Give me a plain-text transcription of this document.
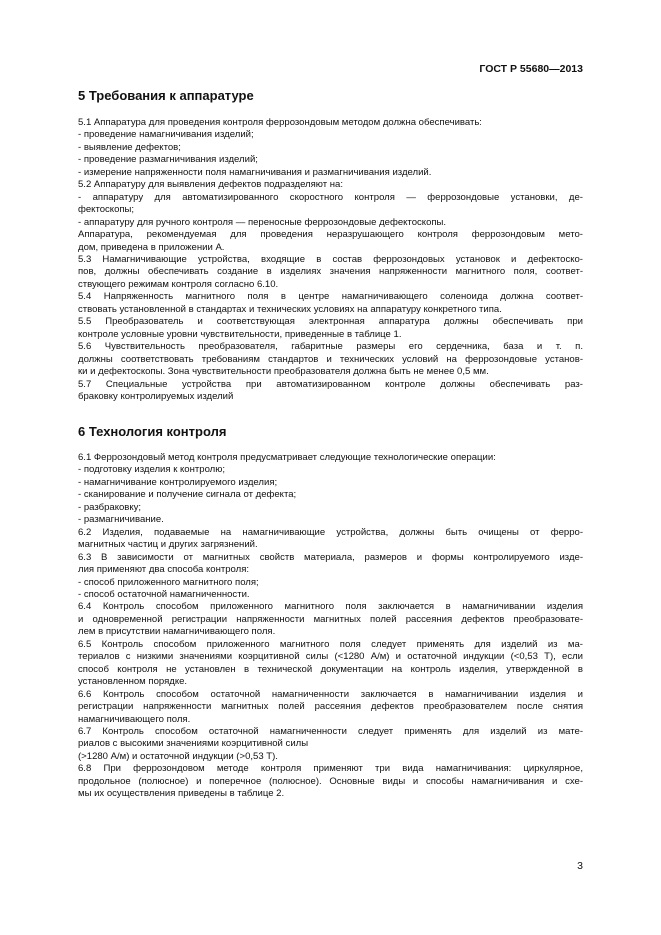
ГОСТ Р 55680—2013
5 Требования к аппаратуре
5.1 Аппаратура для проведения контроля феррозондовым методом должна обеспечивать:
- проведение намагничивания изделий;
- выявление дефектов;
- проведение размагничивания изделий;
- измерение напряженности поля намагничивания и размагничивания изделий.
5.2 Аппаратуру для выявления дефектов подразделяют на:
- аппаратуру для автоматизированного скоростного контроля — феррозондовые установки, де-
фектоскопы;
- аппаратуру для ручного контроля — переносные феррозондовые дефектоскопы.
Аппаратура, рекомендуемая для проведения неразрушающего контроля феррозондовым мето-
дом, приведена в приложении А.
5.3 Намагничивающие устройства, входящие в состав феррозондовых установок и дефектоско-
пов, должны обеспечивать создание в изделиях значения напряженности магнитного поля, соответ-
ствующего режимам контроля согласно 6.10.
5.4 Напряженность магнитного поля в центре намагничивающего соленоида должна соответ-
ствовать установленной в стандартах и технических условиях на аппаратуру конкретного типа.
5.5 Преобразователь и соответствующая электронная аппаратура должны обеспечивать при
контроле условные уровни чувствительности, приведенные в таблице 1.
5.6 Чувствительность преобразователя, габаритные размеры его сердечника, база и т. п.
должны соответствовать требованиям стандартов и технических условий на феррозондовые установ-
ки и дефектоскопы. Зона чувствительности преобразователя должна быть не менее 0,5 мм.
5.7 Специальные устройства при автоматизированном контроле должны обеспечивать раз-
браковку контролируемых изделий
6 Технология контроля
6.1 Феррозондовый метод контроля предусматривает следующие технологические операции:
- подготовку изделия к контролю;
- намагничивание контролируемого изделия;
- сканирование и получение сигнала от дефекта;
- разбраковку;
- размагничивание.
6.2 Изделия, подаваемые на намагничивающие устройства, должны быть очищены от ферро-
магнитных частиц и других загрязнений.
6.3 В зависимости от магнитных свойств материала, размеров и формы контролируемого изде-
лия применяют два способа контроля:
- способ приложенного магнитного поля;
- способ остаточной намагниченности.
6.4 Контроль способом приложенного магнитного поля заключается в намагничивании изделия
и одновременной регистрации напряженности магнитных полей рассеяния дефектов преобразовате-
лем в присутствии намагничивающего поля.
6.5 Контроль способом приложенного магнитного поля следует применять для изделий из ма-
териалов с низкими значениями коэрцитивной силы (<1280 А/м) и остаточной индукции (<0,53 Т), если
способ контроля не установлен в технической документации на контроль изделия, утвержденной в
установленном порядке.
6.6 Контроль способом остаточной намагниченности заключается в намагничивании изделия и
регистрации напряженности магнитных полей рассеяния дефектов преобразователем после снятия
намагничивающего поля.
6.7 Контроль способом остаточной намагниченности следует применять для изделий из мате-
риалов с высокими значениями коэрцитивной силы
(>1280 А/м) и остаточной индукции (>0,53 Т).
6.8 При феррозондовом методе контроля применяют три вида намагничивания: циркулярное,
продольное (полюсное) и поперечное (полюсное). Основные виды и способы намагничивания и схе-
мы их осуществления приведены в таблице 2.
3
